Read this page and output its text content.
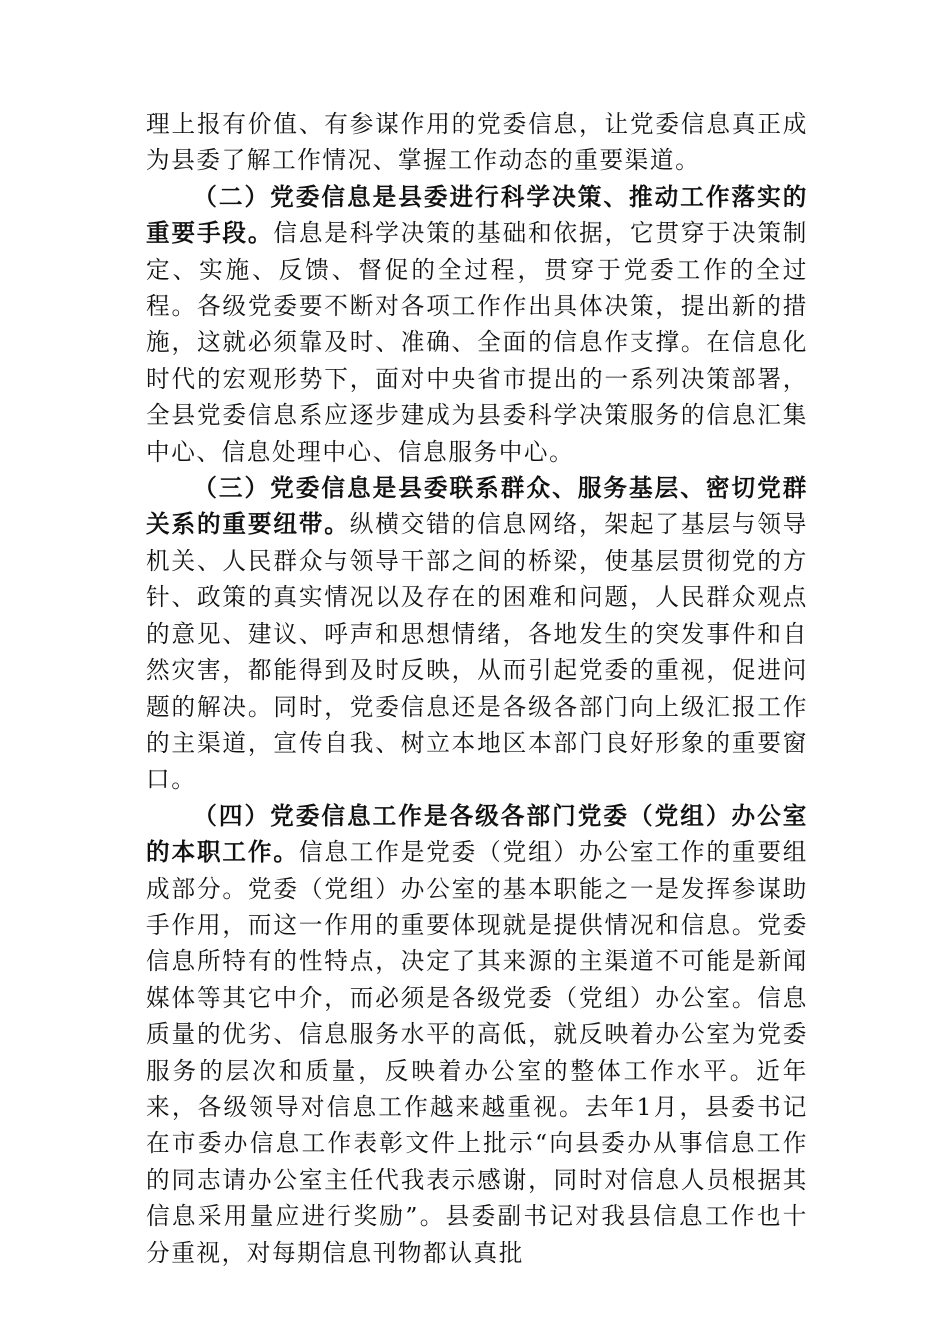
理上报有价值、有参谋作用的党委信息，让党委信息真正成为县委了解工作情况、掌握工作动态的重要渠道。

（二）党委信息是县委进行科学决策、推动工作落实的重要手段。信息是科学决策的基础和依据，它贯穿于决策制定、实施、反馈、督促的全过程，贯穿于党委工作的全过程。各级党委要不断对各项工作作出具体决策，提出新的措施，这就必须靠及时、准确、全面的信息作支撑。在信息化时代的宏观形势下，面对中央省市提出的一系列决策部署，全县党委信息系应逐步建成为县委科学决策服务的信息汇集中心、信息处理中心、信息服务中心。

（三）党委信息是县委联系群众、服务基层、密切党群关系的重要纽带。纵横交错的信息网络，架起了基层与领导机关、人民群众与领导干部之间的桥梁，使基层贯彻党的方针、政策的真实情况以及存在的困难和问题，人民群众观点的意见、建议、呼声和思想情绪，各地发生的突发事件和自然灾害，都能得到及时反映，从而引起党委的重视，促进问题的解决。同时，党委信息还是各级各部门向上级汇报工作的主渠道，宣传自我、树立本地区本部门良好形象的重要窗口。

（四）党委信息工作是各级各部门党委（党组）办公室的本职工作。信息工作是党委（党组）办公室工作的重要组成部分。党委（党组）办公室的基本职能之一是发挥参谋助手作用，而这一作用的重要体现就是提供情况和信息。党委信息所特有的性特点，决定了其来源的主渠道不可能是新闻媒体等其它中介，而必须是各级党委（党组）办公室。信息质量的优劣、信息服务水平的高低，就反映着办公室为党委服务的层次和质量，反映着办公室的整体工作水平。近年来，各级领导对信息工作越来越重视。去年1月，县委书记在市委办信息工作表彰文件上批示“向县委办从事信息工作的同志请办公室主任代我表示感谢，同时对信息人员根据其信息采用量应进行奖励”。县委副书记对我县信息工作也十分重视，对每期信息刊物都认真批
